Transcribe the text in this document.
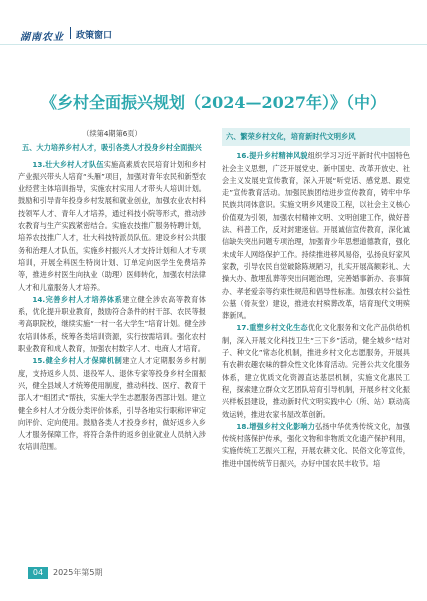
湖南农业 政策窗口
《乡村全面振兴规划（2024—2027年）》（中）
（续第4期第6页）
五、大力培养乡村人才，吸引各类人才投身乡村全面振兴

13.壮大乡村人才队伍实施高素质农民培育计划和乡村产业振兴带头人培育“头雁”项目，加强对青年农民和新型农业经营主体培训指导，实施农村实用人才带头人培训计划。鼓励和引导青年投身乡村发展和就业创业，加强农业农村科技领军人才、青年人才培养，通过科技小院等形式，推动涉农教育与生产实践紧密结合。实施农技推广服务特聘计划，培养农技推广人才，壮大科技特派员队伍。建设乡村公共服务和治理人才队伍，实施乡村振兴人才支持计划和人才专项培训，开展全科医生特岗计划、订单定向医学生免费培养等，推进乡村医生向执业（助理）医师转化，加强农村法律人才和儿童服务人才培养。

14.完善乡村人才培养体系建立健全涉农高等教育体系，优化提升职业教育，鼓励符合条件的村干部、农民等报考高职院校，继续实施“一村一名大学生”培育计划。健全涉农培训体系，统筹各类培训资源，实行按需培训。强化农村职业教育和成人教育，加强农村数字人才、电商人才培育。

15.健全乡村人才保障机制建立人才定期服务乡村制度，支持返乡人员、退役军人、退休专家等投身乡村全面振兴，健全县域人才统筹使用制度，推动科技、医疗、教育干部人才“组团式”帮扶，实施大学生志愿服务西部计划。建立健全乡村人才分级分类评价体系，引导各地实行职称评审定向评价、定向使用。鼓励各类人才投身乡村，做好返乡入乡人才服务保障工作，将符合条件的返乡创业就业人员纳入涉农培训范围。

六、繁荣乡村文化，培育新时代文明乡风

16.提升乡村精神风貌组织学习习近平新时代中国特色社会主义思想，广泛开展党史、新中国史、改革开放史、社会主义发展史宣传教育，深入开展“听党话、感党恩、跟党走”宣传教育活动。加强民族团结进步宣传教育，铸牢中华民族共同体意识。实施文明乡风建设工程，以社会主义核心价值观为引领，加强农村精神文明、文明创建工作，做好普法、科普工作，反对封建迷信。开展诚信宣传教育，深化诚信缺失突出问题专项治理，加强青少年思想道德教育，强化未成年人网络保护工作。持续推进移风易俗，弘扬良好家风家教，引导农民自觉破除陈规陋习，扎实开展高额彩礼、大操大办、散埋乱葬等突出问题治理，完善婚事新办、丧事简办、孝老爱亲等约束性规范和倡导性标准。加强农村公益性公墓（骨灰堂）建设，推进农村殡葬改革，培育现代文明殡葬新风。

17.重塑乡村文化生态优化文化服务和文化产品供给机制，深入开展文化科技卫生“三下乡”活动，健全城乡“结对子、种文化”常态化机制，推进乡村文化志愿服务，开展具有农耕农趣农味的群众性文化体育活动。完善公共文化服务体系，建立优质文化资源直达基层机制，实施文化惠民工程，探索建立群众文艺团队培育引导机制，开展乡村文化振兴样板县建设，推动新时代文明实践中心（所、站）联动高效运转，推进农家书屋改革创新。

18.增强乡村文化影响力弘扬中华优秀传统文化，加强传统村落保护传承，强化文物和非物质文化遗产保护利用，实施传统工艺振兴工程，开展农耕文化、民俗文化等宣传，推进中国传统节日振兴，办好中国农民丰收节。培

04	2025年第5期
